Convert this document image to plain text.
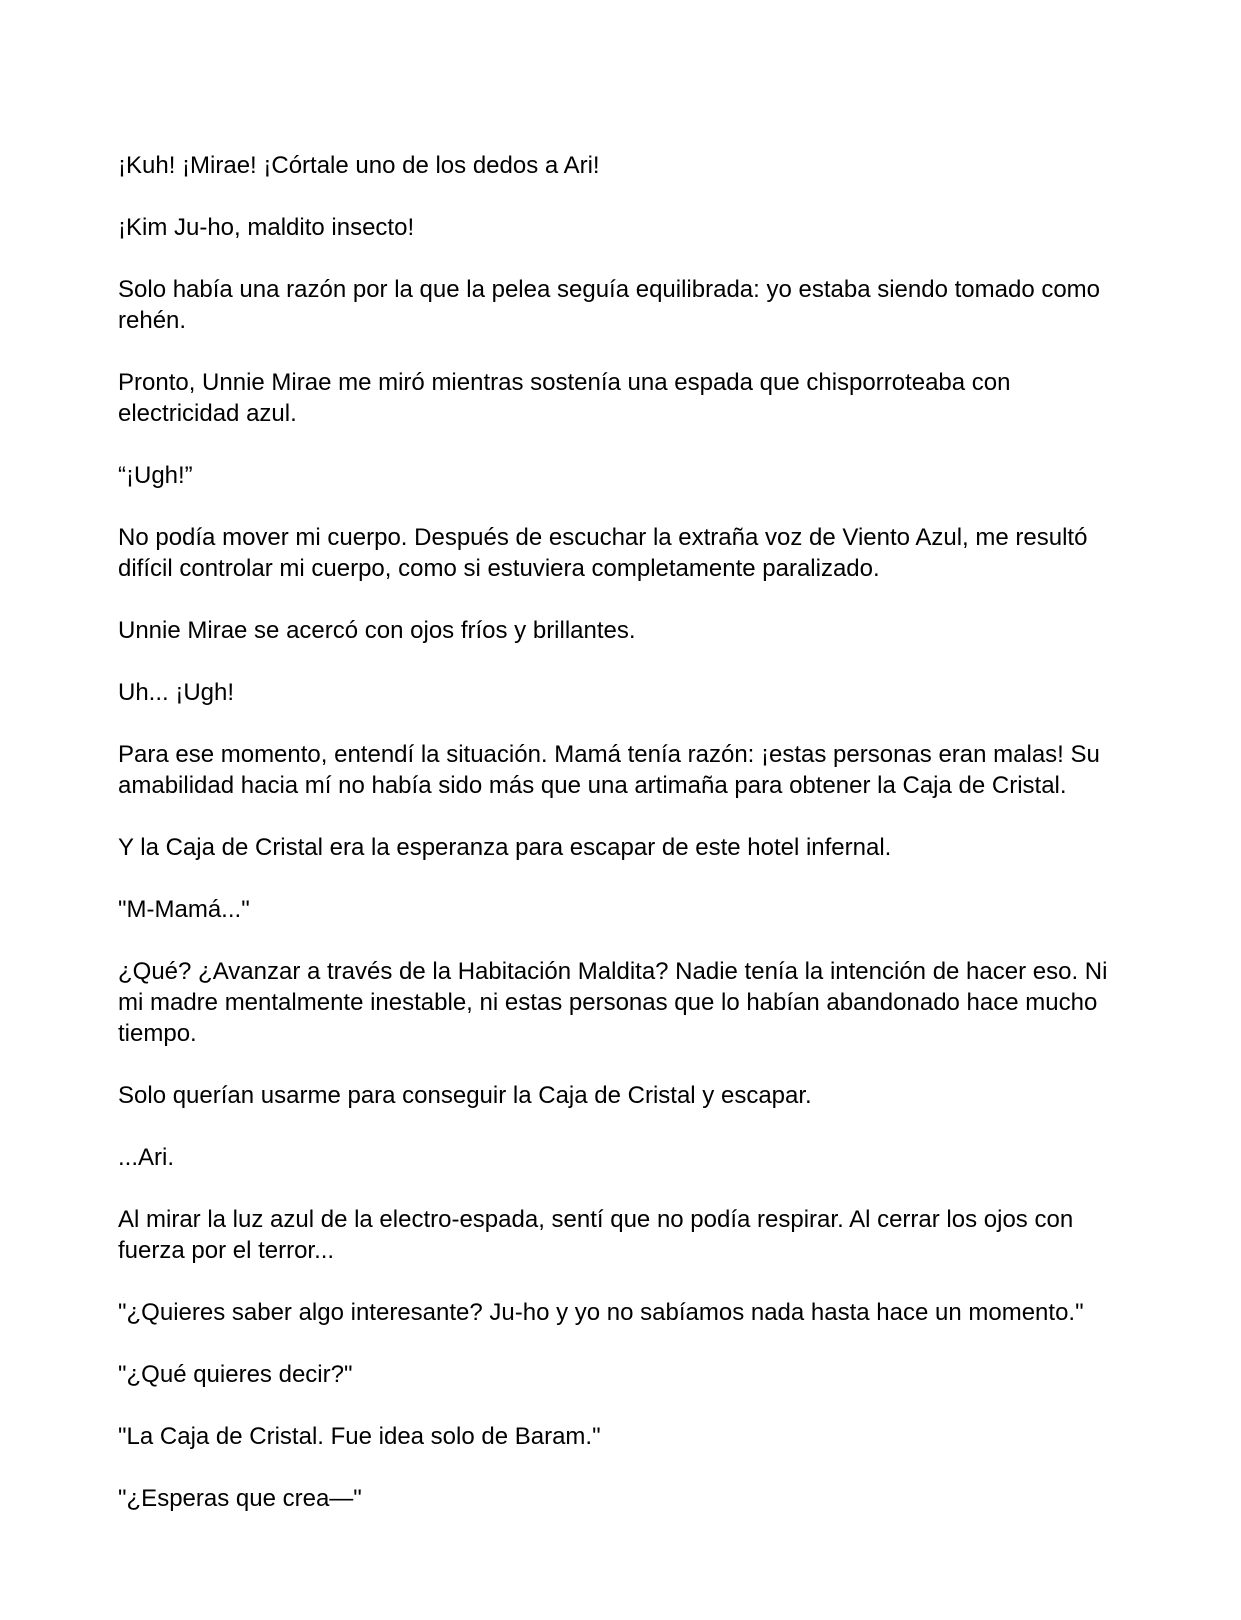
¡Kuh! ¡Mirae! ¡Córtale uno de los dedos a Ari!

¡Kim Ju-ho, maldito insecto!

Solo había una razón por la que la pelea seguía equilibrada: yo estaba siendo tomado como rehén.

Pronto, Unnie Mirae me miró mientras sostenía una espada que chisporroteaba con electricidad azul.

“¡Ugh!”

No podía mover mi cuerpo. Después de escuchar la extraña voz de Viento Azul, me resultó difícil controlar mi cuerpo, como si estuviera completamente paralizado.

Unnie Mirae se acercó con ojos fríos y brillantes.

Uh... ¡Ugh!

Para ese momento, entendí la situación. Mamá tenía razón: ¡estas personas eran malas! Su amabilidad hacia mí no había sido más que una artimaña para obtener la Caja de Cristal.

Y la Caja de Cristal era la esperanza para escapar de este hotel infernal.

"M-Mamá..."

¿Qué? ¿Avanzar a través de la Habitación Maldita? Nadie tenía la intención de hacer eso. Ni mi madre mentalmente inestable, ni estas personas que lo habían abandonado hace mucho tiempo.

Solo querían usarme para conseguir la Caja de Cristal y escapar.

...Ari.

Al mirar la luz azul de la electro-espada, sentí que no podía respirar. Al cerrar los ojos con fuerza por el terror...

"¿Quieres saber algo interesante? Ju-ho y yo no sabíamos nada hasta hace un momento."

"¿Qué quieres decir?"

"La Caja de Cristal. Fue idea solo de Baram."

"¿Esperas que crea—"
